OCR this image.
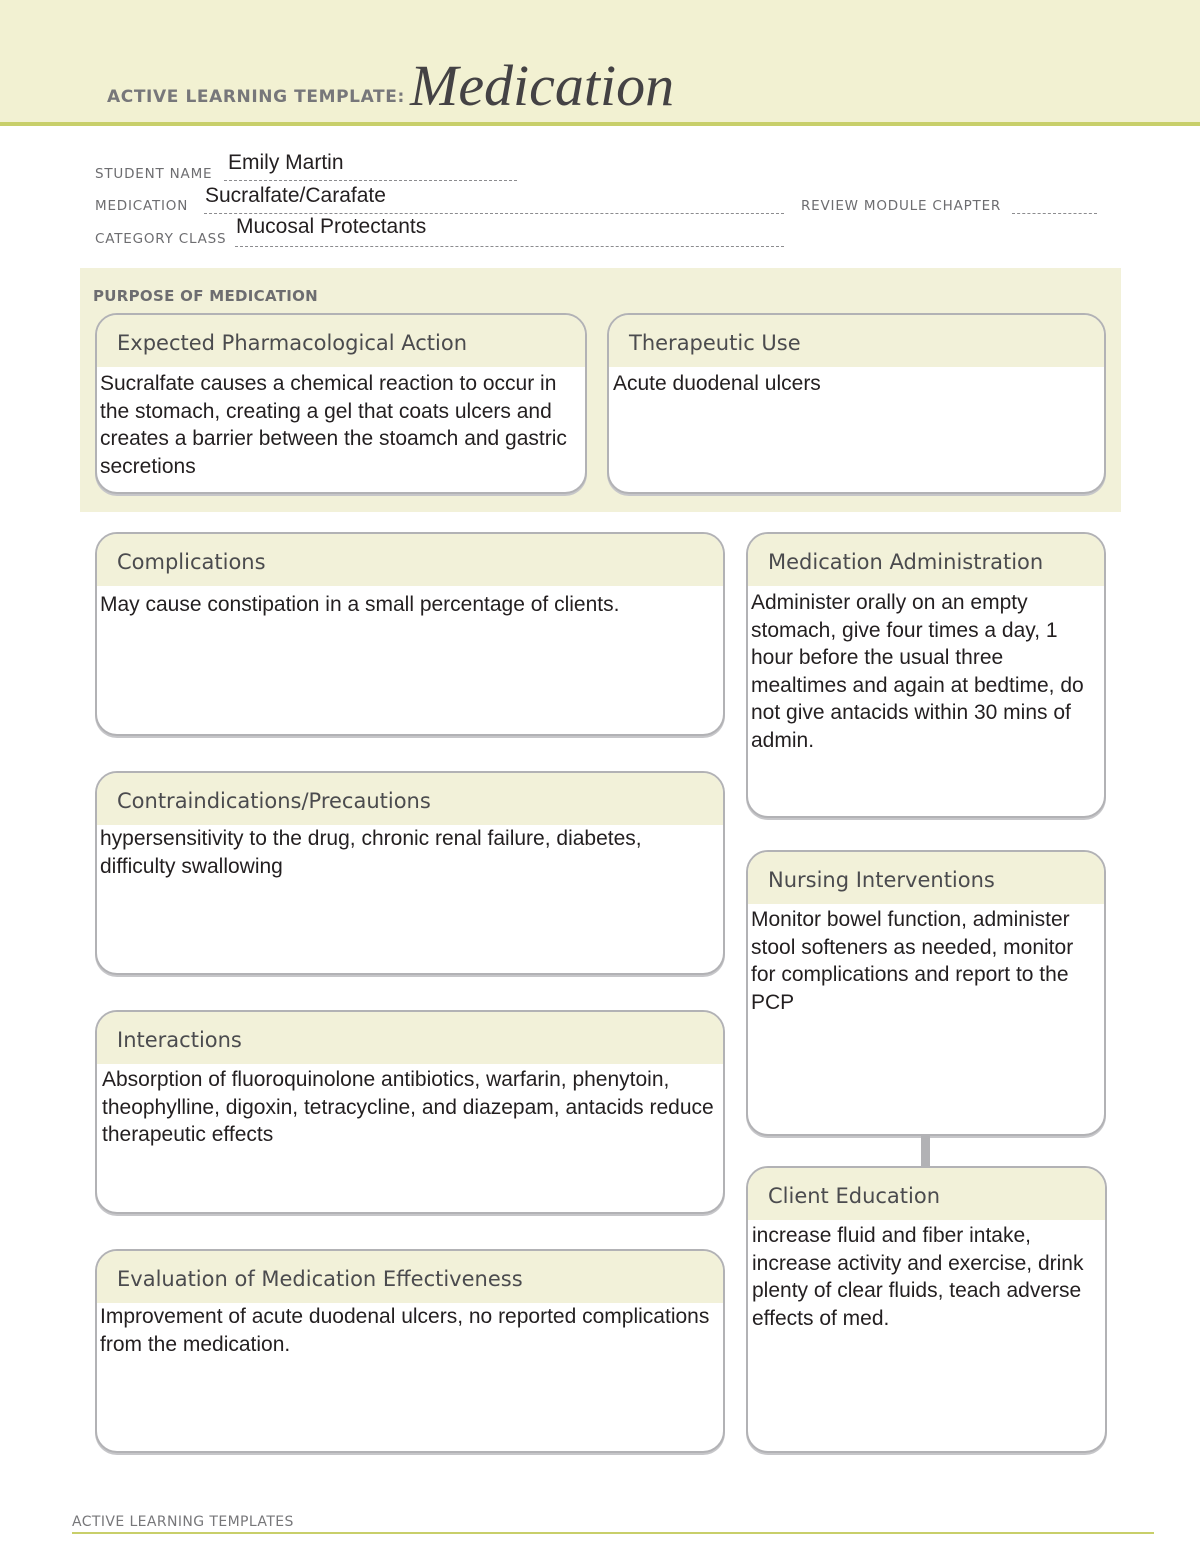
ACTIVE LEARNING TEMPLATE: Medication
STUDENT NAME Emily Martin
MEDICATION Sucralfate/Carafate	REVIEW MODULE CHAPTER
CATEGORY CLASS
Mucosal Protectants
PURPOSE OF MEDICATION
Expected Pharmacological Action
Sucralfate causes a chemical reaction to occur in the stomach, creating a gel that coats ulcers and creates a barrier between the stoamch and gastric secretions
Therapeutic Use
Acute duodenal ulcers
Complications
May cause constipation in a small percentage of clients.
Contraindications/Precautions
hypersensitivity to the drug, chronic renal failure, diabetes, difficulty swallowing
Interactions
Absorption of fluoroquinolone antibiotics, warfarin, phenytoin, theophylline, digoxin, tetracycline, and diazepam, antacids reduce therapeutic effects
Evaluation of Medication Effectiveness
Improvement of acute duodenal ulcers, no reported complications from the medication.
Medication Administration
Administer orally on an empty stomach, give four times a day, 1 hour before the usual three mealtimes and again at bedtime, do not give antacids within 30 mins of admin.
Nursing Interventions
Monitor bowel function, administer stool softeners as needed, monitor for complications and report to the PCP
Client Education
increase fluid and fiber intake, increase activity and exercise, drink plenty of clear fluids, teach adverse effects of med.
ACTIVE LEARNING TEMPLATES
